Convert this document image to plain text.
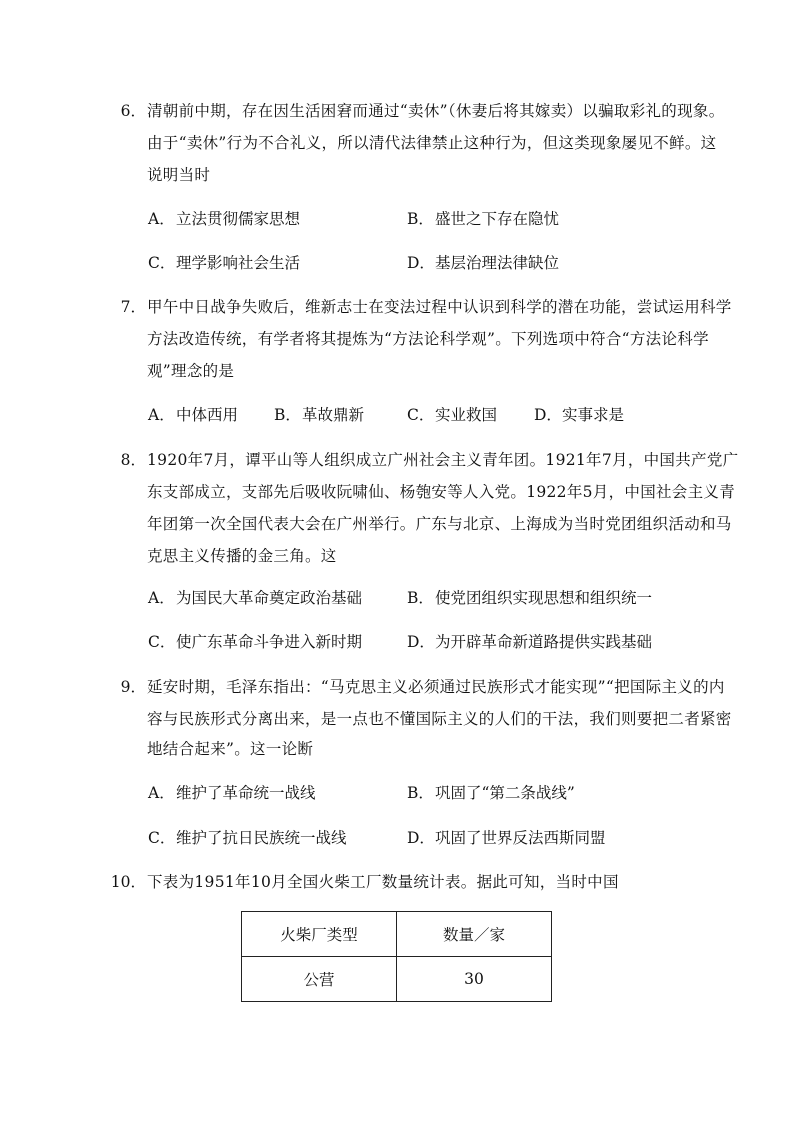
6． 清朝前中期，存在因生活困窘而通过“卖休”（休妻后将其嫁卖）以骗取彩礼的现象。
由于“卖休”行为不合礼义，所以清代法律禁止这种行为，但这类现象屡见不鲜。这
说明当时
A．立法贯彻儒家思想	B．盛世之下存在隐忧
C．理学影响社会生活	D．基层治理法律缺位
7． 甲午中日战争失败后，维新志士在变法过程中认识到科学的潜在功能，尝试运用科学
方法改造传统，有学者将其提炼为“方法论科学观”。下列选项中符合“方法论科学
观”理念的是
A．中体西用 B．革故鼎新	C．实业救国 D．实事求是
8． 1920年7月，谭平山等人组织成立广州社会主义青年团。1921年7月，中国共产党广
东支部成立，支部先后吸收阮啸仙、杨匏安等人入党。1922年5月，中国社会主义青
年团第一次全国代表大会在广州举行。广东与北京、上海成为当时党团组织活动和马
克思主义传播的金三角。这
A．为国民大革命奠定政治基础	B．使党团组织实现思想和组织统一
C．使广东革命斗争进入新时期	D．为开辟革命新道路提供实践基础
9． 延安时期，毛泽东指出：“马克思主义必须通过民族形式才能实现”“把国际主义的内
容与民族形式分离出来，是一点也不懂国际主义的人们的干法，我们则要把二者紧密
地结合起来”。这一论断
A．维护了革命统一战线	B．巩固了“第二条战线”
C．维护了抗日民族统一战线	D．巩固了世界反法西斯同盟
10． 下表为1951年10月全国火柴工厂数量统计表。据此可知，当时中国
火柴厂类型	数量／家
公营	30
